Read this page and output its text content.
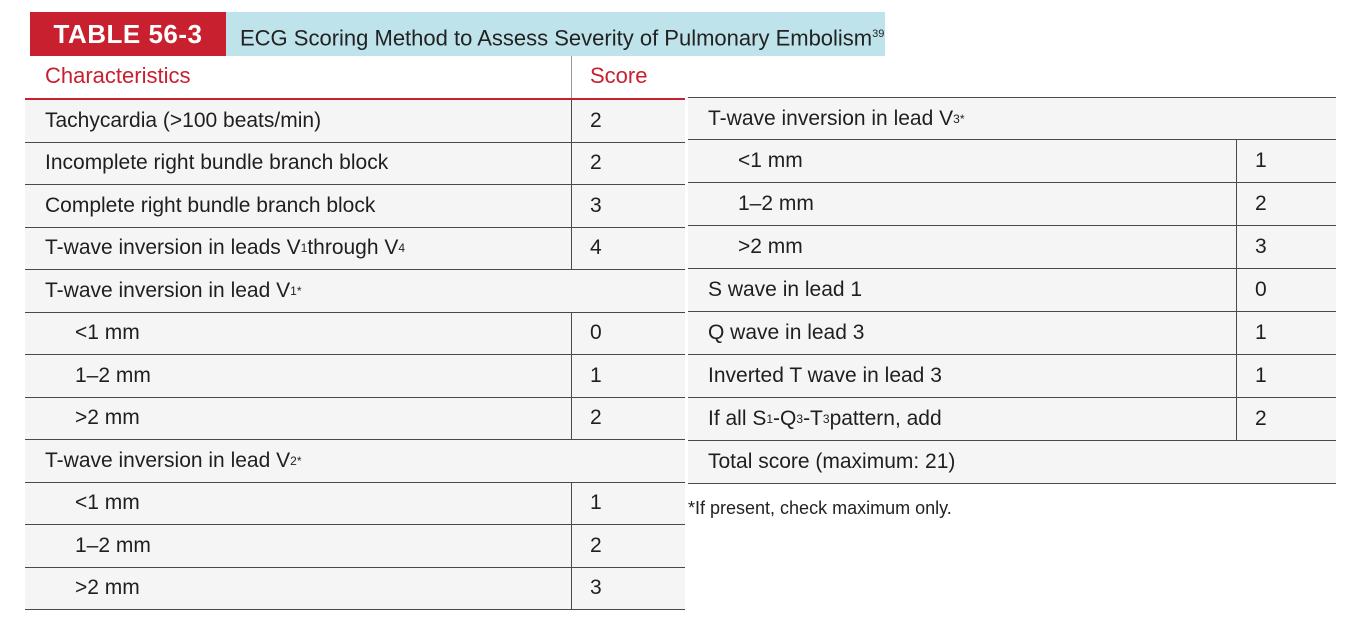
TABLE 56-3	ECG Scoring Method to Assess Severity of Pulmonary Embolism$^{39}$
Characteristics	Score
Tachycardia (>100 beats/min)	2
Incomplete right bundle branch block	2
Complete right bundle branch block	3
T-wave inversion in leads V 1 through V 4	4
T-wave inversion in lead V 1 *
<1 mm	0
1–2 mm	1
>2 mm	2
T-wave inversion in lead V 2 *
<1 mm	1
1–2 mm	2
>2 mm	3
T-wave inversion in lead V 3 *
<1 mm	1
1–2 mm	2
>2 mm	3
S wave in lead 1	0
Q wave in lead 3	1
Inverted T wave in lead 3	1
If all S 1 -Q 3 -T 3 pattern, add	2
Total score (maximum: 21)
*If present, check maximum only.
